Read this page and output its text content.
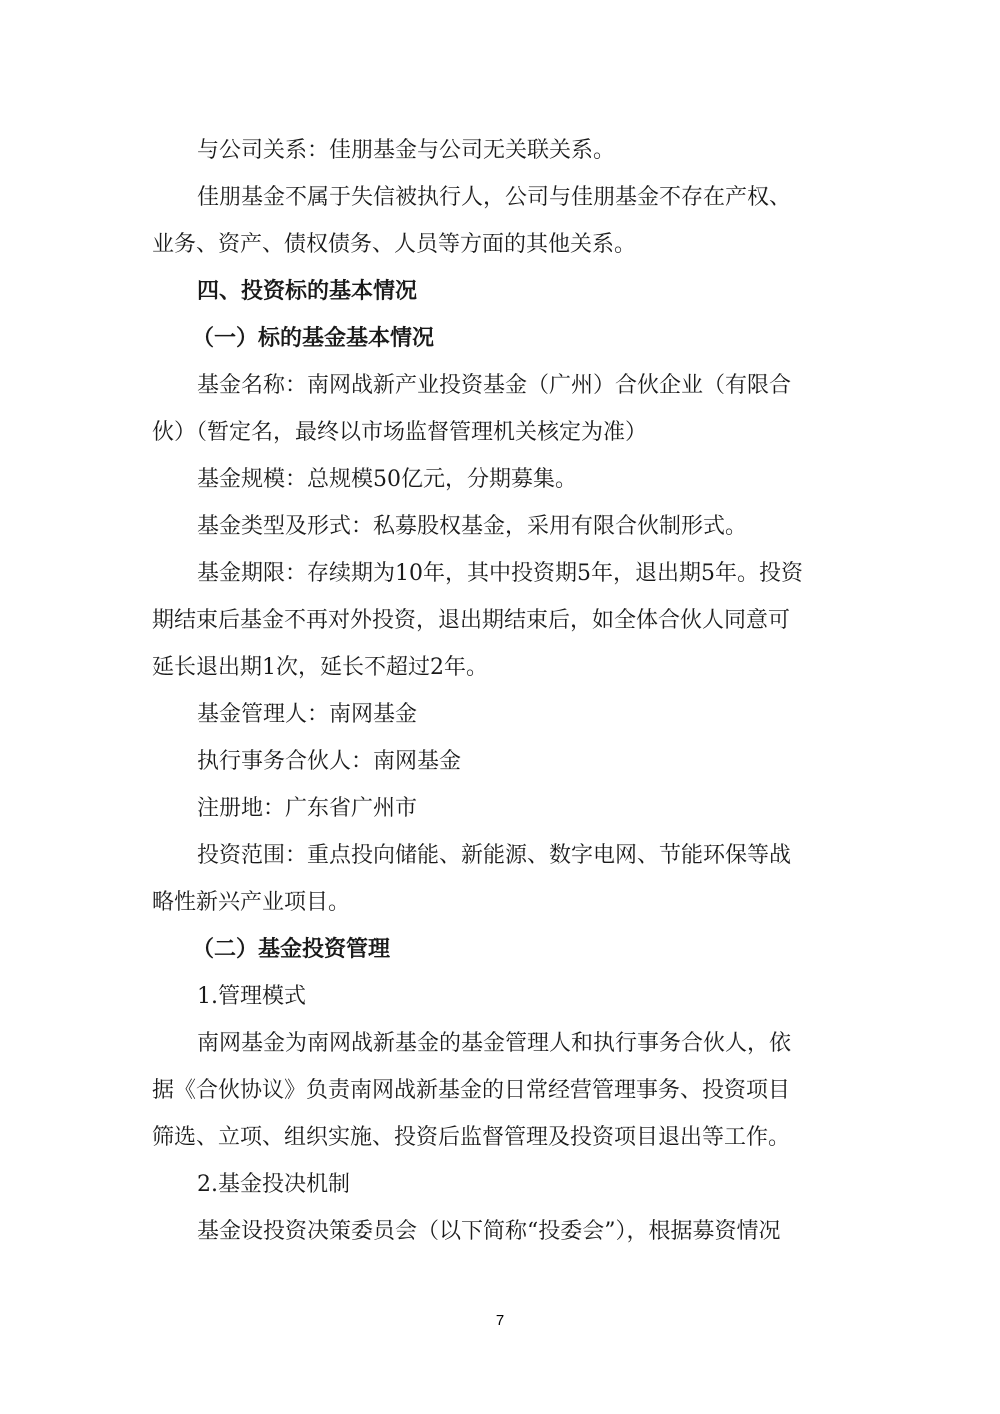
与公司关系：佳朋基金与公司无关联关系。
佳朋基金不属于失信被执行人，公司与佳朋基金不存在产权、
业务、资产、债权债务、人员等方面的其他关系。
四、投资标的基本情况
（一）标的基金基本情况
基金名称：南网战新产业投资基金（广州）合伙企业（有限合
伙）（暂定名，最终以市场监督管理机关核定为准）
基金规模：总规模50亿元，分期募集。
基金类型及形式：私募股权基金，采用有限合伙制形式。
基金期限：存续期为10年，其中投资期5年，退出期5年。投资
期结束后基金不再对外投资，退出期结束后，如全体合伙人同意可
延长退出期1次，延长不超过2年。
基金管理人：南网基金
执行事务合伙人：南网基金
注册地：广东省广州市
投资范围：重点投向储能、新能源、数字电网、节能环保等战
略性新兴产业项目。
（二）基金投资管理
1.管理模式
南网基金为南网战新基金的基金管理人和执行事务合伙人，依
据《合伙协议》负责南网战新基金的日常经营管理事务、投资项目
筛选、立项、组织实施、投资后监督管理及投资项目退出等工作。
2.基金投决机制
基金设投资决策委员会（以下简称“投委会”），根据募资情况
7
